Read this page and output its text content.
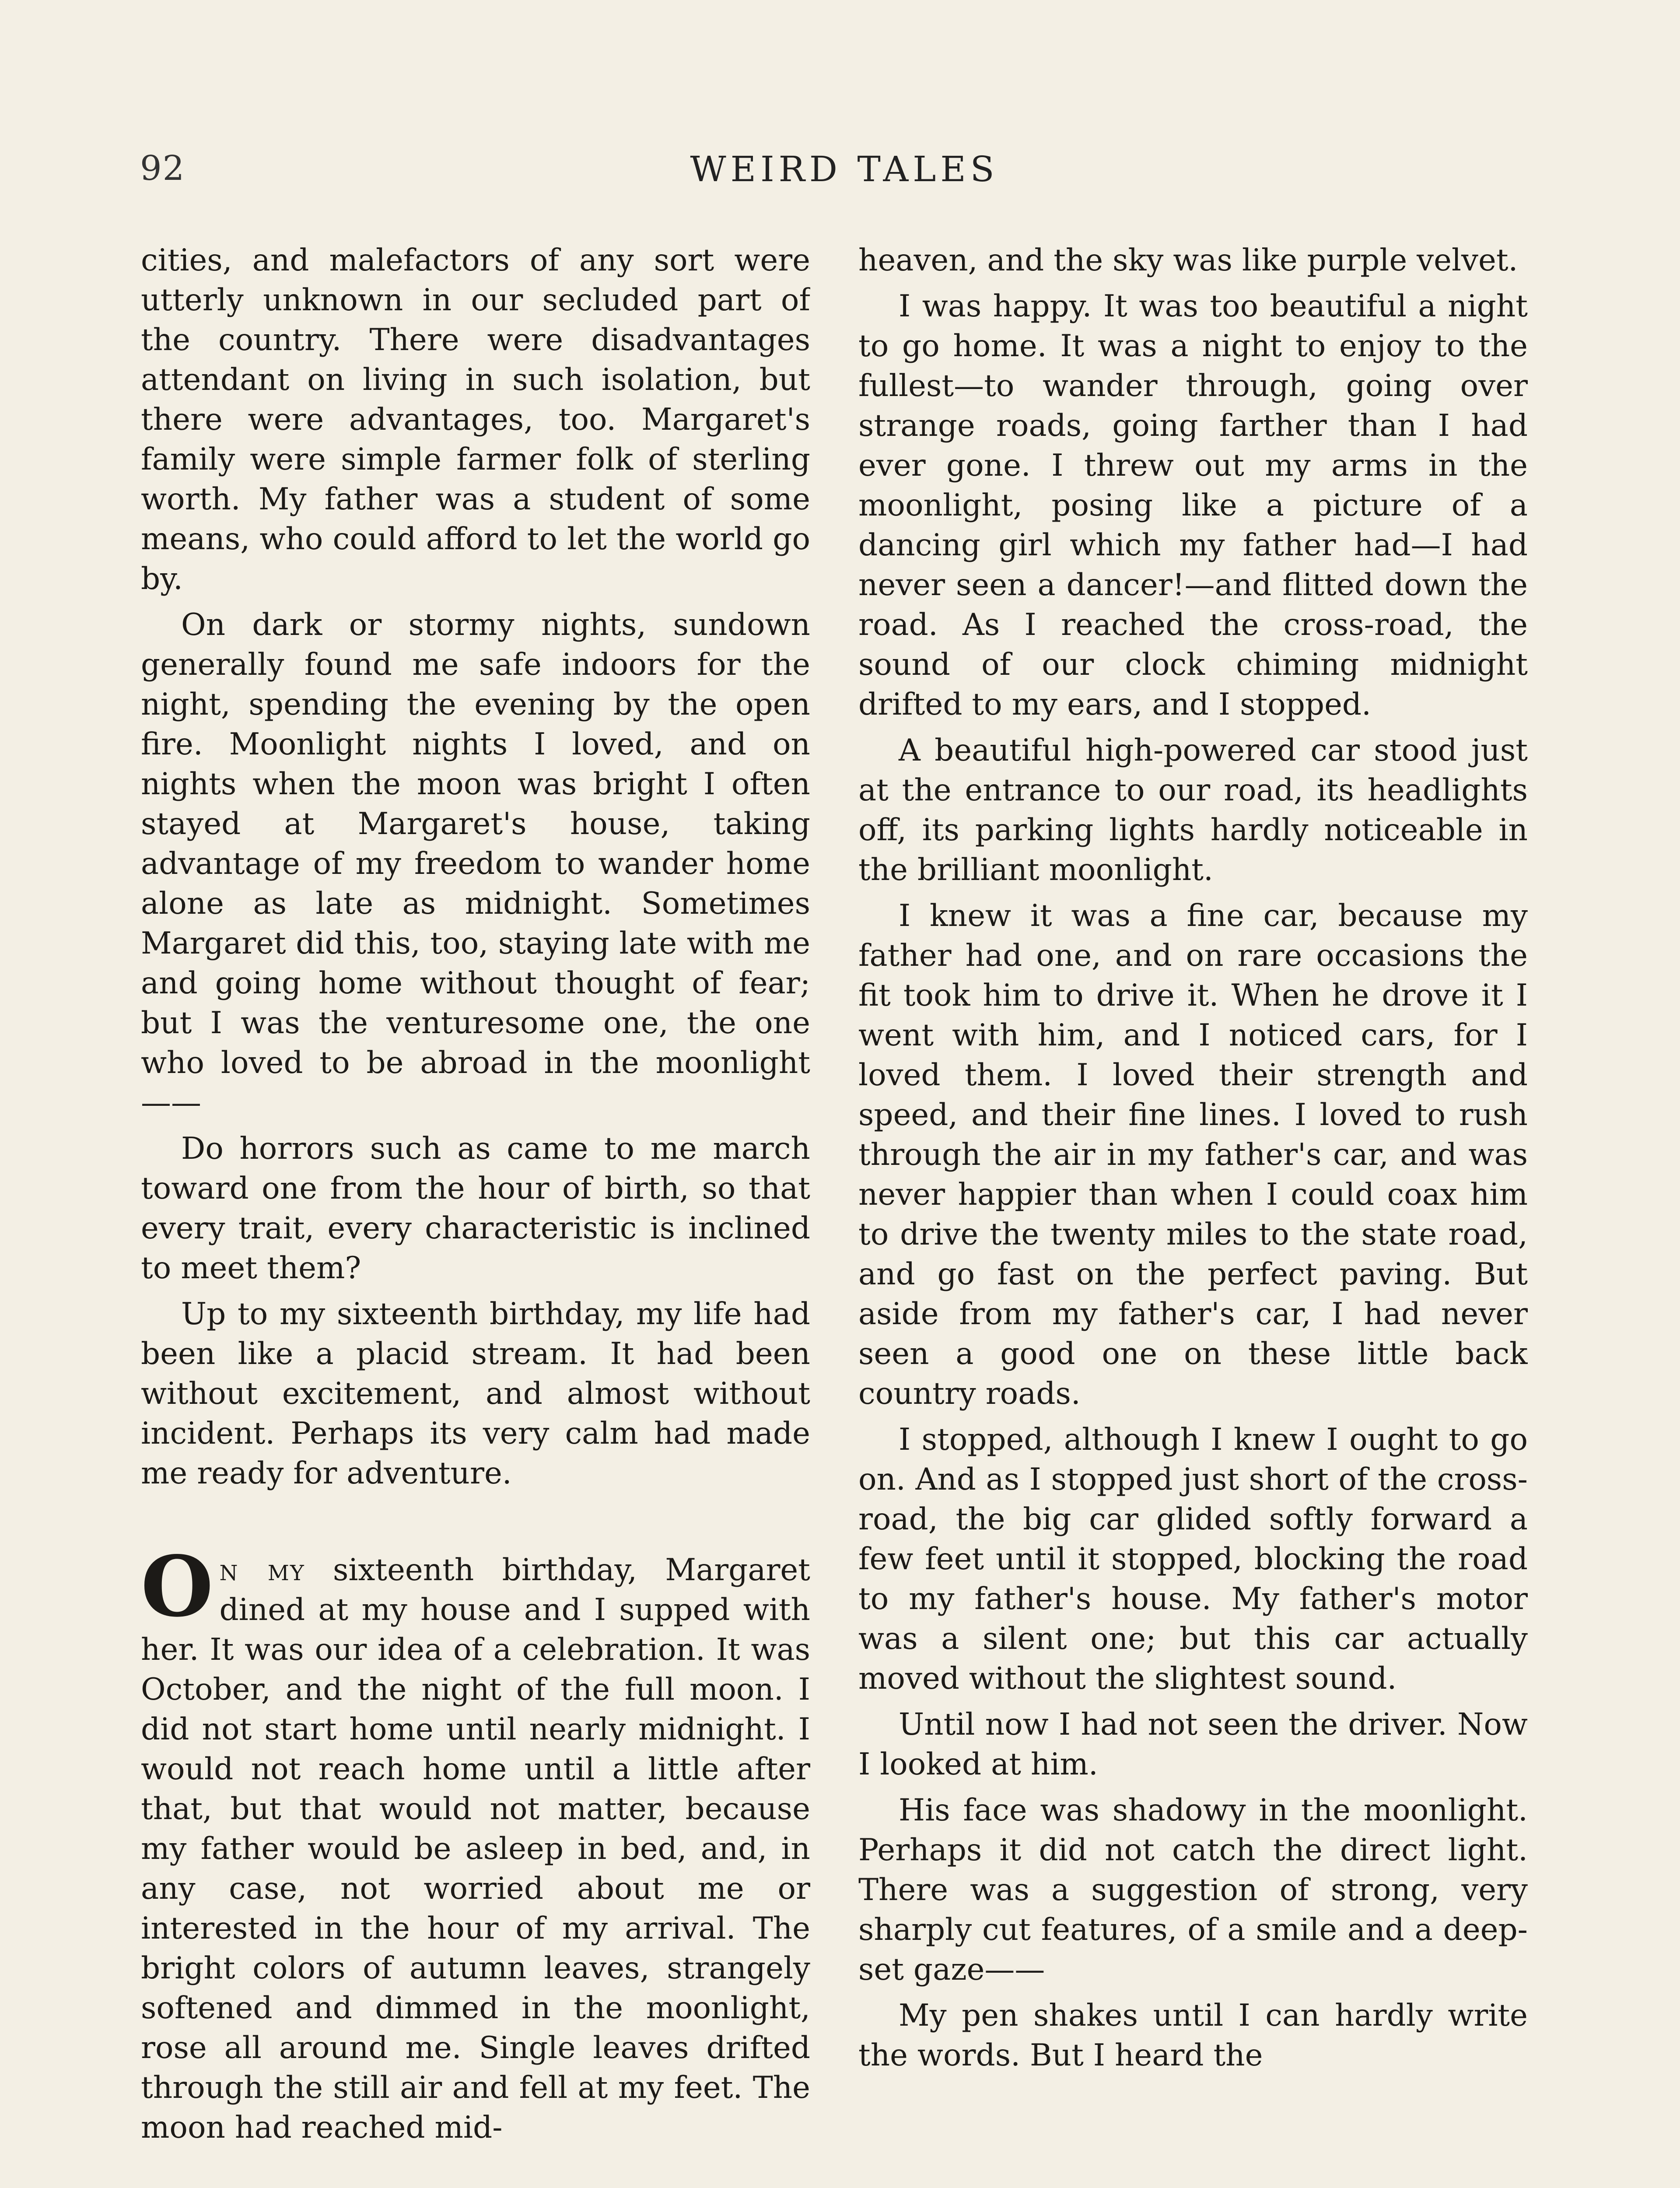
92	WEIRD TALES

cities, and malefactors of any sort were utterly unknown in our secluded part of the country. There were disadvantages attendant on living in such isolation, but there were advantages, too. Margaret's family were simple farmer folk of sterling worth. My father was a student of some means, who could afford to let the world go by.

On dark or stormy nights, sundown generally found me safe indoors for the night, spending the evening by the open fire. Moonlight nights I loved, and on nights when the moon was bright I often stayed at Margaret's house, taking advantage of my freedom to wander home alone as late as midnight. Sometimes Margaret did this, too, staying late with me and going home without thought of fear; but I was the venturesome one, the one who loved to be abroad in the moonlight——

Do horrors such as came to me march toward one from the hour of birth, so that every trait, every characteristic is inclined to meet them?

Up to my sixteenth birthday, my life had been like a placid stream. It had been without excitement, and almost without incident. Perhaps its very calm had made me ready for adventure.

On my sixteenth birthday, Margaret dined at my house and I supped with her. It was our idea of a celebration. It was October, and the night of the full moon. I did not start home until nearly midnight. I would not reach home until a little after that, but that would not matter, because my father would be asleep in bed, and, in any case, not worried about me or interested in the hour of my arrival. The bright colors of autumn leaves, strangely softened and dimmed in the moonlight, rose all around me. Single leaves drifted through the still air and fell at my feet. The moon had reached mid-

heaven, and the sky was like purple velvet.

I was happy. It was too beautiful a night to go home. It was a night to enjoy to the fullest—to wander through, going over strange roads, going farther than I had ever gone. I threw out my arms in the moonlight, posing like a picture of a dancing girl which my father had—I had never seen a dancer!—and flitted down the road. As I reached the cross-road, the sound of our clock chiming midnight drifted to my ears, and I stopped.

A beautiful high-powered car stood just at the entrance to our road, its headlights off, its parking lights hardly noticeable in the brilliant moonlight.

I knew it was a fine car, because my father had one, and on rare occasions the fit took him to drive it. When he drove it I went with him, and I noticed cars, for I loved them. I loved their strength and speed, and their fine lines. I loved to rush through the air in my father's car, and was never happier than when I could coax him to drive the twenty miles to the state road, and go fast on the perfect paving. But aside from my father's car, I had never seen a good one on these little back country roads.

I stopped, although I knew I ought to go on. And as I stopped just short of the cross-road, the big car glided softly forward a few feet until it stopped, blocking the road to my father's house. My father's motor was a silent one; but this car actually moved without the slightest sound.

Until now I had not seen the driver. Now I looked at him.

His face was shadowy in the moonlight. Perhaps it did not catch the direct light. There was a suggestion of strong, very sharply cut features, of a smile and a deep-set gaze——

My pen shakes until I can hardly write the words. But I heard the
